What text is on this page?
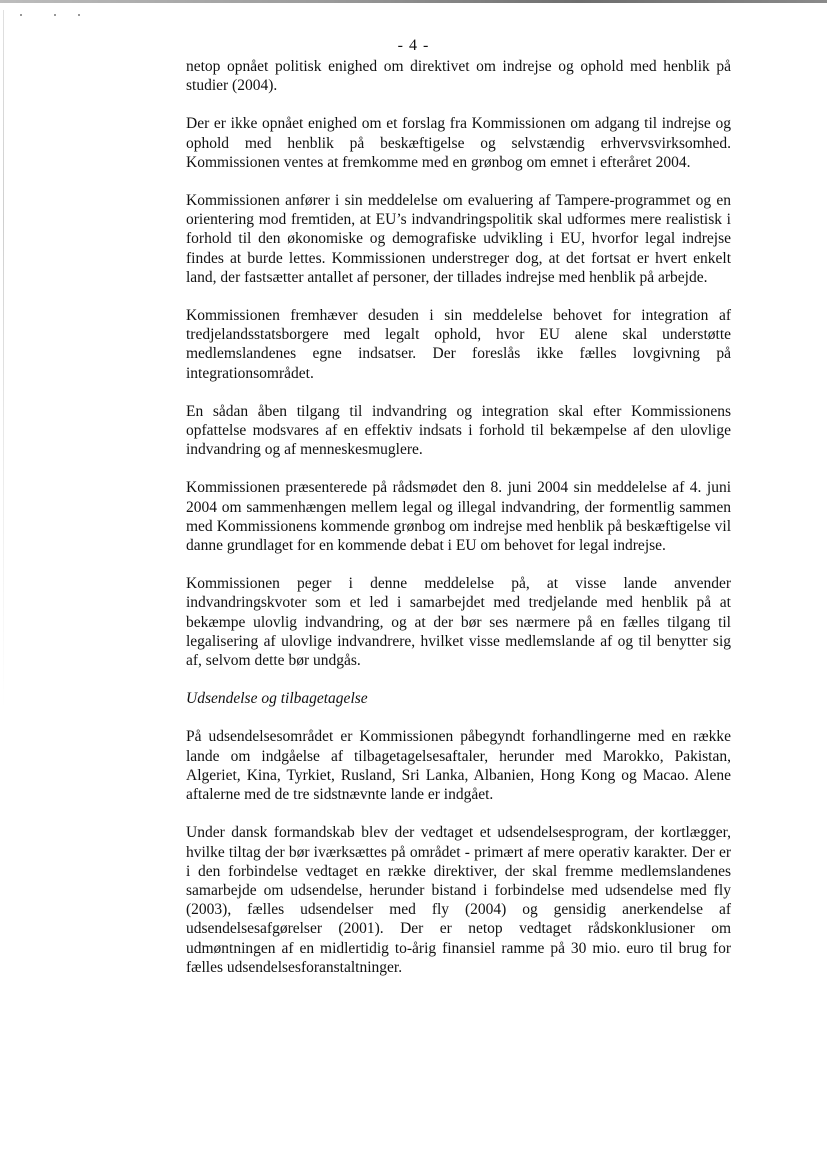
- 4 -

netop opnået politisk enighed om direktivet om indrejse og ophold med henblik på studier (2004).

Der er ikke opnået enighed om et forslag fra Kommissionen om adgang til indrejse og ophold med henblik på beskæftigelse og selvstændig erhvervsvirksomhed. Kommissionen ventes at fremkomme med en grønbog om emnet i efteråret 2004.

Kommissionen anfører i sin meddelelse om evaluering af Tampere-programmet og en orientering mod fremtiden, at EU’s indvandringspolitik skal udformes mere realistisk i forhold til den økonomiske og demografiske udvikling i EU, hvorfor legal indrejse findes at burde lettes. Kommissionen understreger dog, at det fortsat er hvert enkelt land, der fastsætter antallet af personer, der tillades indrejse med henblik på arbejde.

Kommissionen fremhæver desuden i sin meddelelse behovet for integration af tredjelandsstatsborgere med legalt ophold, hvor EU alene skal understøtte medlemslandenes egne indsatser. Der foreslås ikke fælles lovgivning på integrationsområdet.

En sådan åben tilgang til indvandring og integration skal efter Kommissionens opfattelse modsvares af en effektiv indsats i forhold til bekæmpelse af den ulovlige indvandring og af menneskesmuglere.

Kommissionen præsenterede på rådsmødet den 8. juni 2004 sin meddelelse af 4. juni 2004 om sammenhængen mellem legal og illegal indvandring, der formentlig sammen med Kommissionens kommende grønbog om indrejse med henblik på beskæftigelse vil danne grundlaget for en kommende debat i EU om behovet for legal indrejse.

Kommissionen peger i denne meddelelse på, at visse lande anvender indvandringskvoter som et led i samarbejdet med tredjelande med henblik på at bekæmpe ulovlig indvandring, og at der bør ses nærmere på en fælles tilgang til legalisering af ulovlige indvandrere, hvilket visse medlemslande af og til benytter sig af, selvom dette bør undgås.

Udsendelse og tilbagetagelse

På udsendelsesområdet er Kommissionen påbegyndt forhandlingerne med en række lande om indgåelse af tilbagetagelsesaftaler, herunder med Marokko, Pakistan, Algeriet, Kina, Tyrkiet, Rusland, Sri Lanka, Albanien, Hong Kong og Macao. Alene aftalerne med de tre sidstnævnte lande er indgået.

Under dansk formandskab blev der vedtaget et udsendelsesprogram, der kortlægger, hvilke tiltag der bør iværksættes på området - primært af mere operativ karakter. Der er i den forbindelse vedtaget en række direktiver, der skal fremme medlemslandenes samarbejde om udsendelse, herunder bistand i forbindelse med udsendelse med fly (2003), fælles udsendelser med fly (2004) og gensidig anerkendelse af udsendelsesafgørelser (2001). Der er netop vedtaget rådskonklusioner om udmøntningen af en midlertidig to-årig finansiel ramme på 30 mio. euro til brug for fælles udsendelsesforanstaltninger.
